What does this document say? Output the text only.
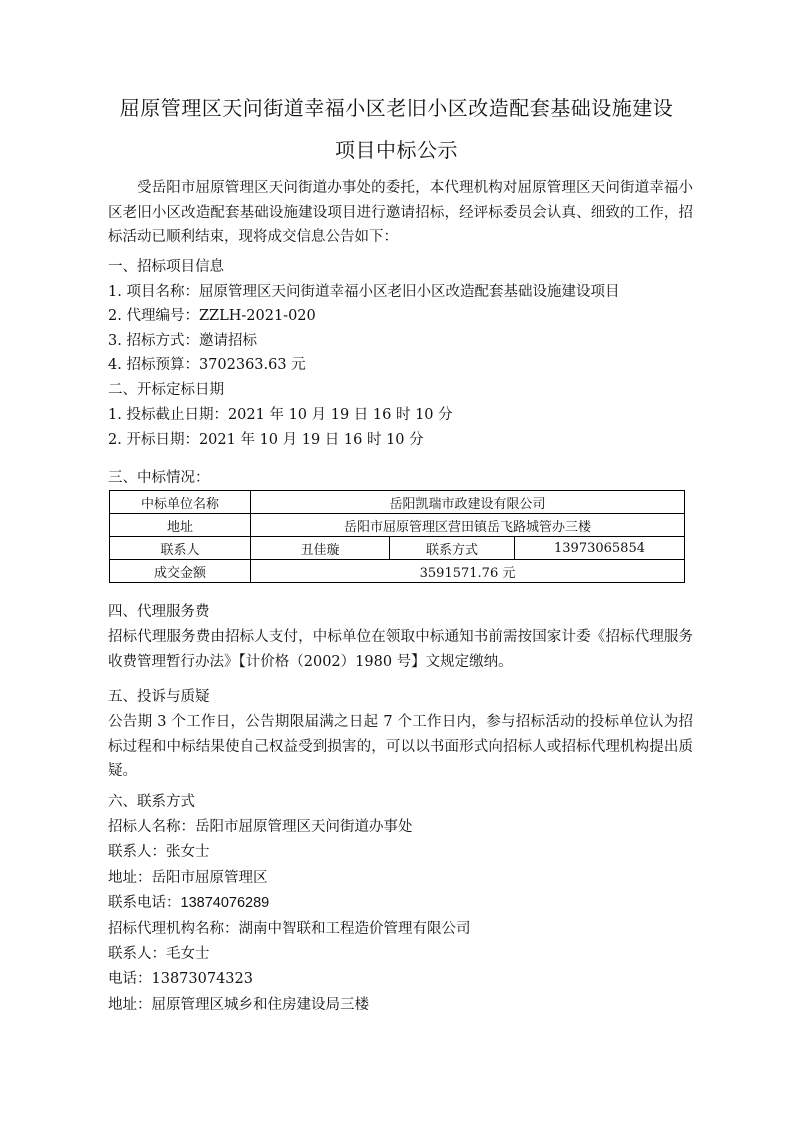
屈原管理区天问街道幸福小区老旧小区改造配套基础设施建设
项目中标公示
受岳阳市屈原管理区天问街道办事处的委托，本代理机构对屈原管理区天问街道幸福小区老旧小区改造配套基础设施建设项目进行邀请招标，经评标委员会认真、细致的工作，招标活动已顺利结束，现将成交信息公告如下：
一、招标项目信息
1. 项目名称：屈原管理区天问街道幸福小区老旧小区改造配套基础设施建设项目
2. 代理编号：ZZLH-2021-020
3. 招标方式：邀请招标
4. 招标预算：3702363.63 元
二、开标定标日期
1. 投标截止日期：2021 年 10 月 19 日 16 时 10 分
2. 开标日期：2021 年 10 月 19 日 16 时 10 分
三、中标情况：
中标单位名称	岳阳凯瑞市政建设有限公司		
地址	岳阳市屈原管理区营田镇岳飞路城管办三楼		
联系人	丑佳璇	联系方式	13973065854
成交金额	3591571.76 元		
四、代理服务费
招标代理服务费由招标人支付，中标单位在领取中标通知书前需按国家计委《招标代理服务收费管理暂行办法》【计价格（2002）1980 号】文规定缴纳。
五、投诉与质疑
公告期 3 个工作日，公告期限届满之日起 7 个工作日内，参与招标活动的投标单位认为招标过程和中标结果使自己权益受到损害的，可以以书面形式向招标人或招标代理机构提出质疑。
六、联系方式
招标人名称：岳阳市屈原管理区天问街道办事处
联系人：张女士
地址：岳阳市屈原管理区
联系电话：13874076289
招标代理机构名称：湖南中智联和工程造价管理有限公司
联系人：毛女士
电话：13873074323
地址：屈原管理区城乡和住房建设局三楼
